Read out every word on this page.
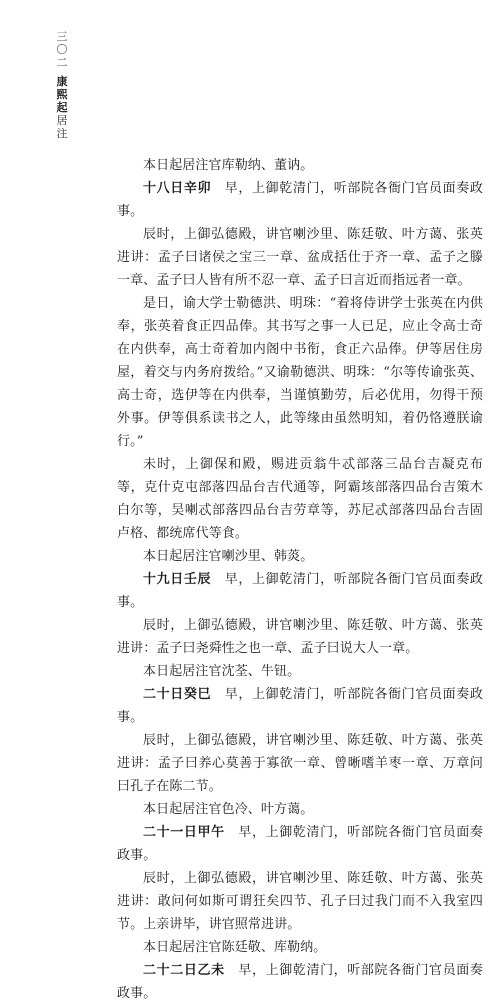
三〇二
康熙起居注

本日起居注官库勒纳、董讷。

十八日辛卯  早，上御乾清门，听部院各衙门官员面奏政事。

辰时，上御弘德殿，讲官喇沙里、陈廷敬、叶方蔼、张英进讲：孟子曰诸侯之宝三一章、盆成括仕于齐一章、孟子之滕一章、孟子曰人皆有所不忍一章、孟子曰言近而指远者一章。

是日，谕大学士勒德洪、明珠：“着将侍讲学士张英在内供奉，张英着食正四品俸。其书写之事一人已足，应止令高士奇在内供奉，高士奇着加内阁中书衔，食正六品俸。伊等居住房屋，着交与内务府拨给。”又谕勒德洪、明珠：“尔等传谕张英、高士奇，选伊等在内供奉，当谨慎勤劳，后必优用，勿得干预外事。伊等俱系读书之人，此等缘由虽然明知，着仍恪遵朕谕行。”

未时，上御保和殿，赐进贡翁牛忒部落三品台吉凝克布等，克什克屯部落四品台吉代通等，阿霸垓部落四品台吉策木白尔等，吴喇忒部落四品台吉劳章等，苏尼忒部落四品台吉固卢格、都统席代等食。

本日起居注官喇沙里、韩菼。

十九日壬辰  早，上御乾清门，听部院各衙门官员面奏政事。

辰时，上御弘德殿，讲官喇沙里、陈廷敬、叶方蔼、张英进讲：孟子曰尧舜性之也一章、孟子曰说大人一章。

本日起居注官沈荃、牛钮。

二十日癸巳  早，上御乾清门，听部院各衙门官员面奏政事。

辰时，上御弘德殿，讲官喇沙里、陈廷敬、叶方蔼、张英进讲：孟子曰养心莫善于寡欲一章、曾晰嗜羊枣一章、万章问曰孔子在陈二节。

本日起居注官色冷、叶方蔼。

二十一日甲午  早，上御乾清门，听部院各衙门官员面奏政事。

辰时，上御弘德殿，讲官喇沙里、陈廷敬、叶方蔼、张英进讲：敢问何如斯可谓狂矣四节、孔子曰过我门而不入我室四节。上亲讲毕，讲官照常进讲。

本日起居注官陈廷敬、库勒纳。

二十二日乙未  早，上御乾清门，听部院各衙门官员面奏政事。
